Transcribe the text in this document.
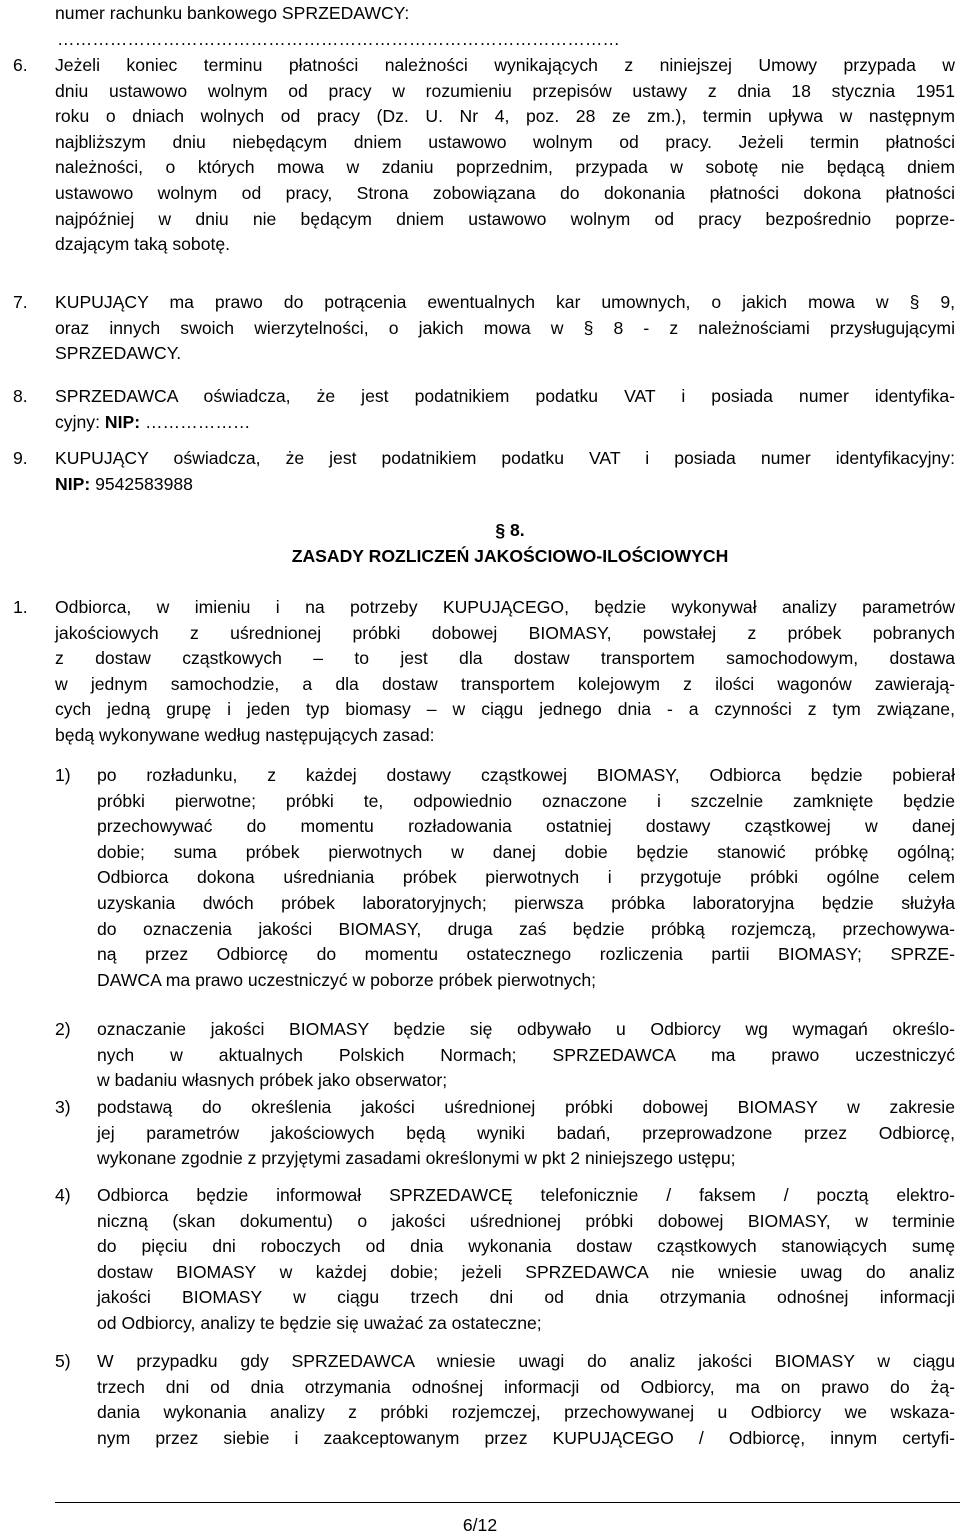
numer rachunku bankowego SPRZEDAWCY:
……………………………………………………………………………………
6. Jeżeli koniec terminu płatności należności wynikających z niniejszej Umowy przypada w
dniu ustawowo wolnym od pracy w rozumieniu przepisów ustawy z dnia 18 stycznia 1951
roku o dniach wolnych od pracy (Dz. U. Nr 4, poz. 28 ze zm.), termin upływa w następnym
najbliższym dniu niebędącym dniem ustawowo wolnym od pracy. Jeżeli termin płatności
należności, o których mowa w zdaniu poprzednim, przypada w sobotę nie będącą dniem
ustawowo wolnym od pracy, Strona zobowiązana do dokonania płatności dokona płatności
najpóźniej w dniu nie będącym dniem ustawowo wolnym od pracy bezpośrednio poprze-
dzającym taką sobotę.
7. KUPUJĄCY ma prawo do potrącenia ewentualnych kar umownych, o jakich mowa w § 9,
oraz innych swoich wierzytelności, o jakich mowa w § 8 - z należnościami przysługującymi
SPRZEDAWCY.
8. SPRZEDAWCA oświadcza, że jest podatnikiem podatku VAT i posiada numer identyfika-
cyjny: NIP: ………………
9. KUPUJĄCY oświadcza, że jest podatnikiem podatku VAT i posiada numer identyfikacyjny:
NIP: 9542583988
§ 8.
ZASADY ROZLICZEŃ JAKOŚCIOWO-ILOŚCIOWYCH
1. Odbiorca, w imieniu i na potrzeby KUPUJĄCEGO, będzie wykonywał analizy parametrów
jakościowych z uśrednionej próbki dobowej BIOMASY, powstałej z próbek pobranych
z dostaw cząstkowych – to jest dla dostaw transportem samochodowym, dostawa
w jednym samochodzie, a dla dostaw transportem kolejowym z ilości wagonów zawierają-
cych jedną grupę i jeden typ biomasy – w ciągu jednego dnia - a czynności z tym związane,
będą wykonywane według następujących zasad:
1) po rozładunku, z każdej dostawy cząstkowej BIOMASY, Odbiorca będzie pobierał
próbki pierwotne; próbki te, odpowiednio oznaczone i szczelnie zamknięte będzie
przechowywać do momentu rozładowania ostatniej dostawy cząstkowej w danej
dobie; suma próbek pierwotnych w danej dobie będzie stanowić próbkę ogólną;
Odbiorca dokona uśredniania próbek pierwotnych i przygotuje próbki ogólne celem
uzyskania dwóch próbek laboratoryjnych; pierwsza próbka laboratoryjna będzie służyła
do oznaczenia jakości BIOMASY, druga zaś będzie próbką rozjemczą, przechowywa-
ną przez Odbiorcę do momentu ostatecznego rozliczenia partii BIOMASY; SPRZE-
DAWCA ma prawo uczestniczyć w poborze próbek pierwotnych;
2) oznaczanie jakości BIOMASY będzie się odbywało u Odbiorcy wg wymagań określo-
nych w aktualnych Polskich Normach; SPRZEDAWCA ma prawo uczestniczyć
w badaniu własnych próbek jako obserwator;
3) podstawą do określenia jakości uśrednionej próbki dobowej BIOMASY w zakresie
jej parametrów jakościowych będą wyniki badań, przeprowadzone przez Odbiorcę,
wykonane zgodnie z przyjętymi zasadami określonymi w pkt 2 niniejszego ustępu;
4) Odbiorca będzie informował SPRZEDAWCĘ telefonicznie / faksem / pocztą elektro-
niczną (skan dokumentu) o jakości uśrednionej próbki dobowej BIOMASY, w terminie
do pięciu dni roboczych od dnia wykonania dostaw cząstkowych stanowiących sumę
dostaw BIOMASY w każdej dobie; jeżeli SPRZEDAWCA nie wniesie uwag do analiz
jakości BIOMASY w ciągu trzech dni od dnia otrzymania odnośnej informacji
od Odbiorcy, analizy te będzie się uważać za ostateczne;
5) W przypadku gdy SPRZEDAWCA wniesie uwagi do analiz jakości BIOMASY w ciągu
trzech dni od dnia otrzymania odnośnej informacji od Odbiorcy, ma on prawo do żą-
dania wykonania analizy z próbki rozjemczej, przechowywanej u Odbiorcy we wskaza-
nym przez siebie i zaakceptowanym przez KUPUJĄCEGO / Odbiorcę, innym certyfi-
6/12
